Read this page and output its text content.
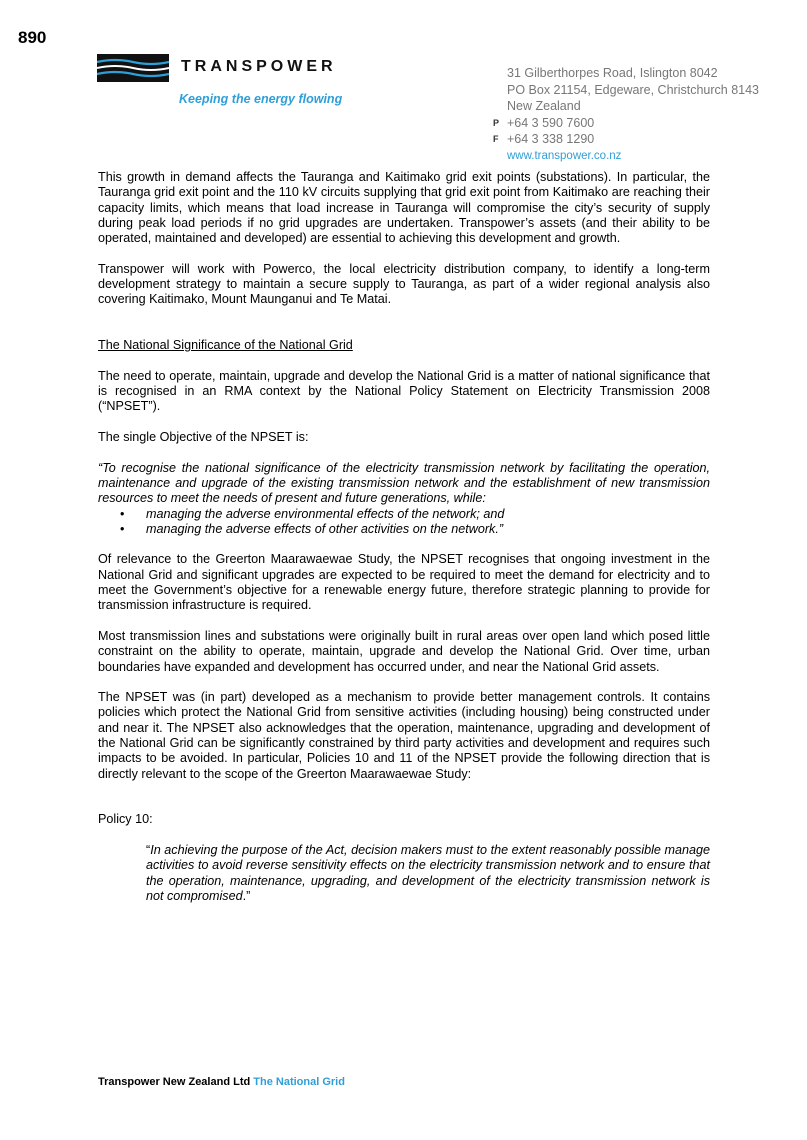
890
TRANSPOWER
Keeping the energy flowing
31 Gilberthorpes Road, Islington 8042
PO Box 21154, Edgeware, Christchurch 8143
New Zealand
P +64 3 590 7600
F +64 3 338 1290
www.transpower.co.nz

This growth in demand affects the Tauranga and Kaitimako grid exit points (substations). In particular, the Tauranga grid exit point and the 110 kV circuits supplying that grid exit point from Kaitimako are reaching their capacity limits, which means that load increase in Tauranga will compromise the city’s security of supply during peak load periods if no grid upgrades are undertaken. Transpower’s assets (and their ability to be operated, maintained and developed) are essential to achieving this development and growth.

Transpower will work with Powerco, the local electricity distribution company, to identify a long-term development strategy to maintain a secure supply to Tauranga, as part of a wider regional analysis also covering Kaitimako, Mount Maunganui and Te Matai.

The National Significance of the National Grid

The need to operate, maintain, upgrade and develop the National Grid is a matter of national significance that is recognised in an RMA context by the National Policy Statement on Electricity Transmission 2008 (“NPSET”).

The single Objective of the NPSET is:

“To recognise the national significance of the electricity transmission network by facilitating the operation, maintenance and upgrade of the existing transmission network and the establishment of new transmission resources to meet the needs of present and future generations, while:

• managing the adverse environmental effects of the network; and
• managing the adverse effects of other activities on the network.”

Of relevance to the Greerton Maarawaewae Study, the NPSET recognises that ongoing investment in the National Grid and significant upgrades are expected to be required to meet the demand for electricity and to meet the Government’s objective for a renewable energy future, therefore strategic planning to provide for transmission infrastructure is required.

Most transmission lines and substations were originally built in rural areas over open land which posed little constraint on the ability to operate, maintain, upgrade and develop the National Grid. Over time, urban boundaries have expanded and development has occurred under, and near the National Grid assets.

The NPSET was (in part) developed as a mechanism to provide better management controls. It contains policies which protect the National Grid from sensitive activities (including housing) being constructed under and near it. The NPSET also acknowledges that the operation, maintenance, upgrading and development of the National Grid can be significantly constrained by third party activities and development and requires such impacts to be avoided. In particular, Policies 10 and 11 of the NPSET provide the following direction that is directly relevant to the scope of the Greerton Maarawaewae Study:

Policy 10:

“In achieving the purpose of the Act, decision makers must to the extent reasonably possible manage activities to avoid reverse sensitivity effects on the electricity transmission network and to ensure that the operation, maintenance, upgrading, and development of the electricity transmission network is not compromised.”

Transpower New Zealand Ltd The National Grid
